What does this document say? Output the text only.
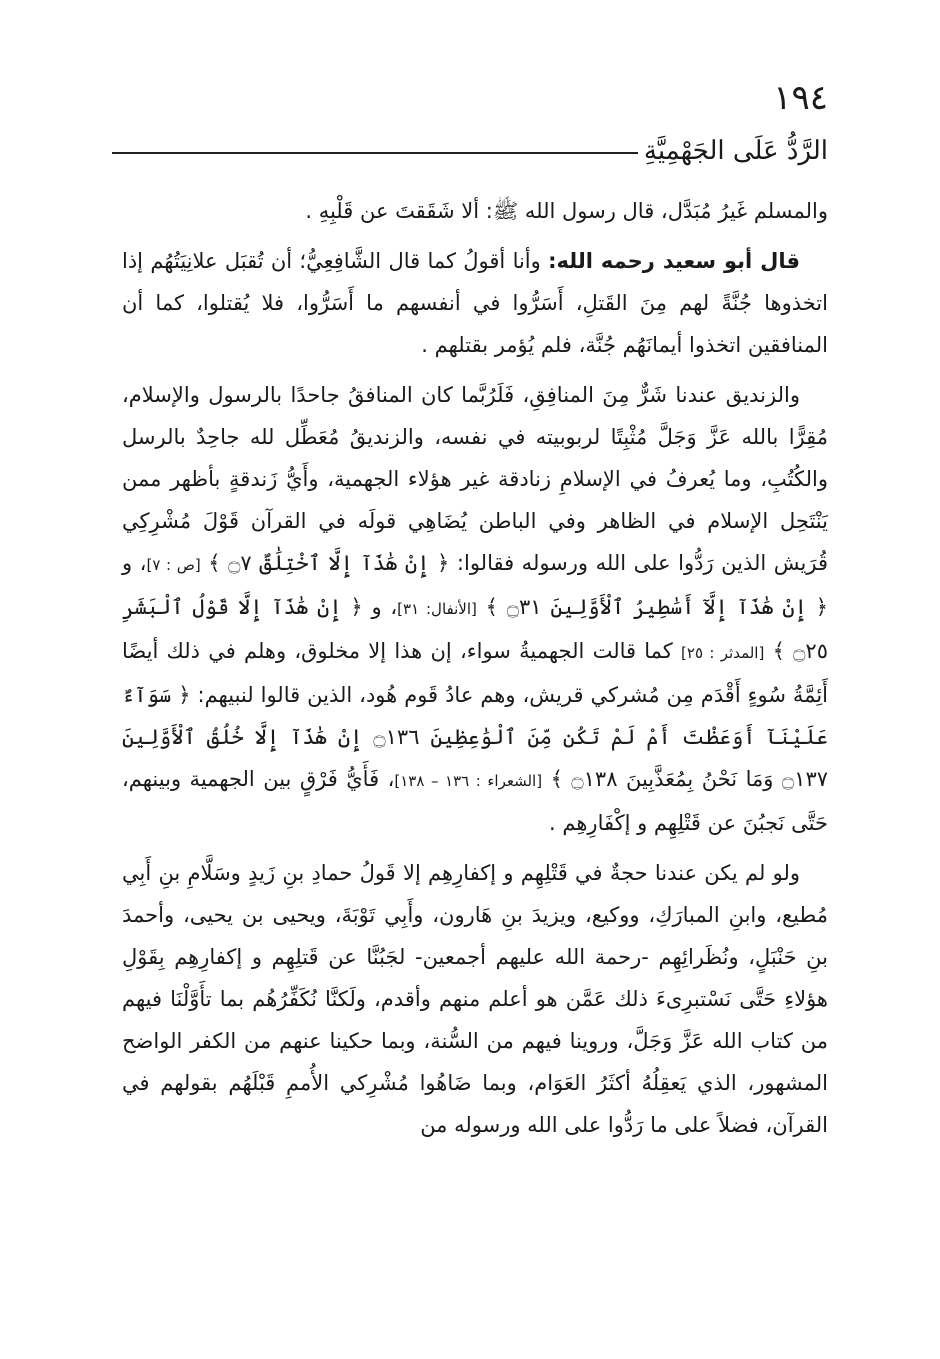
١٩٤
الرَّدُّ عَلَى الجَهْمِيَّةِ

والمسلم غَيرُ مُبَدَّل، قال رسول الله ﷺ: ألا شَقَقتَ عن قَلْبِهِ .

قال أبو سعيد رحمه الله: وأنا أقولُ كما قال الشَّافِعِيُّ؛ أن تُقبَل علانِيَتُهُم إذا اتخذوها جُنَّةً لهم مِنَ القَتلِ، أَسَرُّوا في أنفسهم ما أَسَرُّوا، فلا يُقتلوا، كما أن المنافقين اتخذوا أيمانَهُم جُنَّة، فلم يُؤمر بقتلهم .

والزنديق عندنا شَرٌّ مِنَ المنافِقِ، فَلَرُبَّما كان المنافقُ جاحدًا بالرسول والإسلام، مُقِرًّا بالله عَزَّ وَجَلَّ مُثْبِتًا لربوبيته في نفسه، والزنديقُ مُعَطِّل لله جاحِدٌ بالرسل والكُتُبِ، وما يُعرفُ في الإسلامِ زنادقة غير هؤلاء الجهمية، وأَيُّ زَندقةٍ بأظهر ممن يَنْتَحِل الإسلام في الظاهر وفي الباطن يُضَاهِي قولَه في القرآن قَوْلَ مُشْرِكِي قُرَيش الذين رَدُّوا على الله ورسوله فقالوا: ﴿ إِنْ هَٰذَآ إِلَّا ٱخْتِلَٰقٌ ۝٧ ﴾ [ص : ٧]، و ﴿ إِنْ هَٰذَآ إِلَّآ أَسَٰطِيرُ ٱلْأَوَّلِينَ ۝٣١ ﴾ [الأنفال: ٣١]، و ﴿ إِنْ هَٰذَآ إِلَّا قَوْلُ ٱلْبَشَرِ ۝٢٥ ﴾ [المدثر : ٢٥] كما قالت الجهميةُ سواء، إن هذا إلا مخلوق، وهلم في ذلك أيضًا أَئِمَّةُ سُوءٍ أَقْدَم مِن مُشركي قريش، وهم عادُ قَوم هُود، الذين قالوا لنبيهم: ﴿ سَوَآءٌ عَلَيْنَآ أَوَعَظْتَ أَمْ لَمْ تَكُن مِّنَ ٱلْوَٰعِظِينَ ۝١٣٦ إِنْ هَٰذَآ إِلَّا خُلُقُ ٱلْأَوَّلِينَ ۝١٣٧ وَمَا نَحْنُ بِمُعَذَّبِينَ ۝١٣٨ ﴾ [الشعراء : ١٣٦ – ١٣٨]، فَأَيُّ فَرْقٍ بين الجهمية وبينهم، حَتَّى نَجبُنَ عن قَتْلِهِم و إكْفَارِهِم .

ولو لم يكن عندنا حجةٌ في قَتْلِهِم و إكفارِهِم إلا قَولُ حمادِ بنِ زَيدٍ وسَلَّامِ بنِ أَبِي مُطيع، وابنِ المبارَكِ، ووكيع، ويزيدَ بنِ هَارون، وأَبِي تَوْبَةَ، ويحيى بن يحيى، وأحمدَ بنِ حَنْبَلٍ، ونُظَرائِهِم -رحمة الله عليهم أجمعين- لجَبُنَّا عن قَتلِهِم و إكفارِهِم بِقَوْلِ هؤلاءِ حَتَّى نَسْتبرِىءَ ذلك عَمَّن هو أعلم منهم وأقدم، ولَكنَّا نُكَفِّرُهُم بما تأَوَّلْنَا فيهم من كتاب الله عَزَّ وَجَلَّ، وروينا فيهم من السُّنة، وبما حكينا عنهم من الكفر الواضح المشهور، الذي يَعقِلُهُ أكثَرُ العَوَام، وبما ضَاهُوا مُشْرِكي الأُممِ قَبْلَهُم بقولهم في القرآن، فضلاً على ما رَدُّوا على الله ورسوله من
